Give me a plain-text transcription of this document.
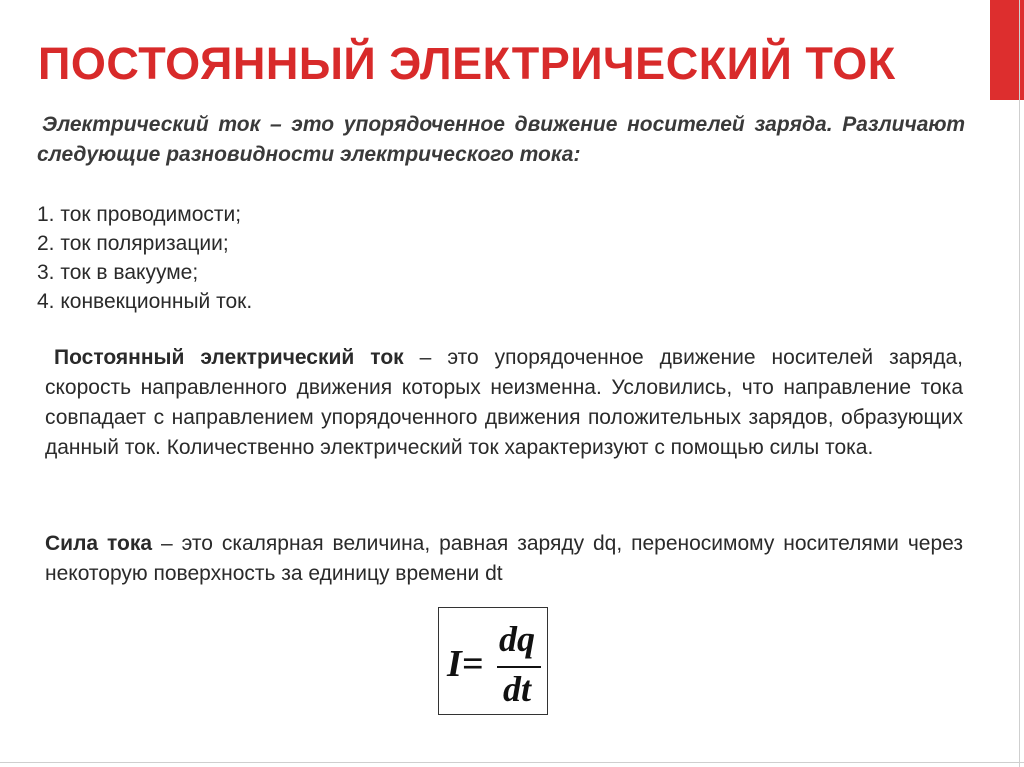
ПОСТОЯННЫЙ ЭЛЕКТРИЧЕСКИЙ ТОК

Электрический ток – это упорядоченное движение носителей заряда. Различают следующие разновидности электрического тока:

1. ток проводимости;
2. ток поляризации;
3. ток в вакууме;
4. конвекционный ток.

Постоянный электрический ток – это упорядоченное движение носителей заряда, скорость направленного движения которых неизменна. Условились, что направление тока совпадает с направлением упорядоченного движения положительных зарядов, образующих данный ток. Количественно электрический ток характеризуют с помощью силы тока.

Сила тока – это скалярная величина, равная заряду dq, переносимому носителями через некоторую поверхность за единицу времени dt

I=
dq
dt
